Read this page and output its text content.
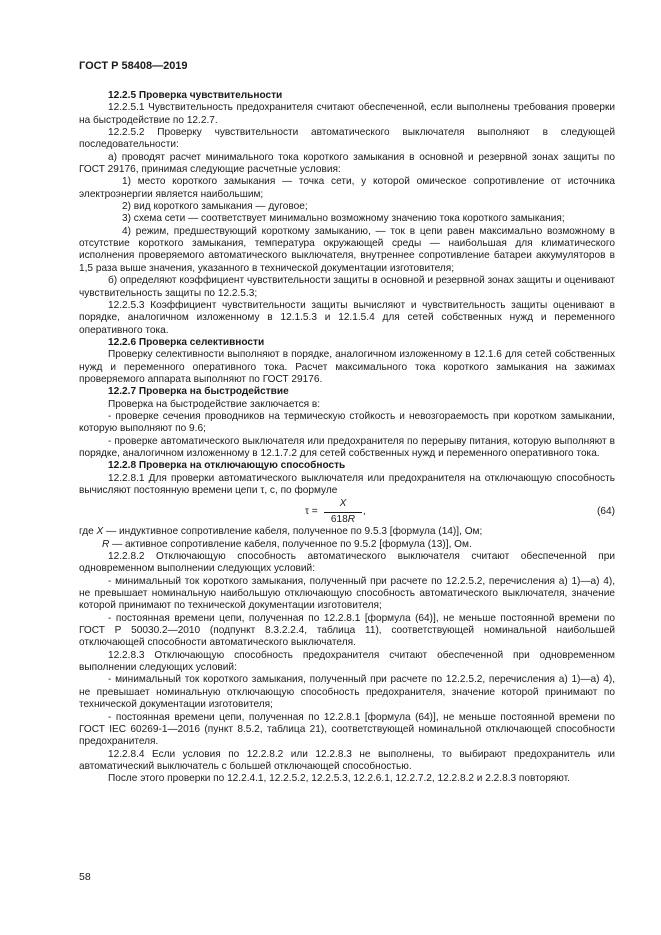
ГОСТ Р 58408—2019

12.2.5 Проверка чувствительности

12.2.5.1 Чувствительность предохранителя считают обеспеченной, если выполнены требования проверки на быстродействие по 12.2.7.

12.2.5.2 Проверку чувствительности автоматического выключателя выполняют в следующей последовательности:

а) проводят расчет минимального тока короткого замыкания в основной и резервной зонах защиты по ГОСТ 29176, принимая следующие расчетные условия:

1) место короткого замыкания — точка сети, у которой омическое сопротивление от источника электроэнергии является наибольшим;

2) вид короткого замыкания — дуговое;

3) схема сети — соответствует минимально возможному значению тока короткого замыкания;

4) режим, предшествующий короткому замыканию, — ток в цепи равен максимально возможному в отсутствие короткого замыкания, температура окружающей среды — наибольшая для климатического исполнения проверяемого автоматического выключателя, внутреннее сопротивление батареи аккумуляторов в 1,5 раза выше значения, указанного в технической документации изготовителя;

б) определяют коэффициент чувствительности защиты в основной и резервной зонах защиты и оценивают чувствительность защиты по 12.2.5.3;

12.2.5.3 Коэффициент чувствительности защиты вычисляют и чувствительность защиты оценивают в порядке, аналогичном изложенному в 12.1.5.3 и 12.1.5.4 для сетей собственных нужд и переменного оперативного тока.

12.2.6 Проверка селективности

Проверку селективности выполняют в порядке, аналогичном изложенному в 12.1.6 для сетей собственных нужд и переменного оперативного тока. Расчет максимального тока короткого замыкания на зажимах проверяемого аппарата выполняют по ГОСТ 29176.

12.2.7 Проверка на быстродействие

Проверка на быстродействие заключается в:

- проверке сечения проводников на термическую стойкость и невозгораемость при коротком замыкании, которую выполняют по 9.6;

- проверке автоматического выключателя или предохранителя по перерыву питания, которую выполняют в порядке, аналогичном изложенному в 12.1.7.2 для сетей собственных нужд и переменного оперативного тока.

12.2.8 Проверка на отключающую способность

12.2.8.1 Для проверки автоматического выключателя или предохранителя на отключающую способность вычисляют постоянную времени цепи τ, с, по формуле

$\tau = \frac{X}{618R}$ ,	(64)

где X — индуктивное сопротивление кабеля, полученное по 9.5.3 [формула (14)], Ом;

R — активное сопротивление кабеля, полученное по 9.5.2 [формула (13)], Ом.

12.2.8.2 Отключающую способность автоматического выключателя считают обеспеченной при одновременном выполнении следующих условий:

- минимальный ток короткого замыкания, полученный при расчете по 12.2.5.2, перечисления а) 1)—а) 4), не превышает номинальную наибольшую отключающую способность автоматического выключателя, значение которой принимают по технической документации изготовителя;

- постоянная времени цепи, полученная по 12.2.8.1 [формула (64)], не меньше постоянной времени по ГОСТ Р 50030.2—2010 (подпункт 8.3.2.2.4, таблица 11), соответствующей номинальной наибольшей отключающей способности автоматического выключателя.

12.2.8.3 Отключающую способность предохранителя считают обеспеченной при одновременном выполнении следующих условий:

- минимальный ток короткого замыкания, полученный при расчете по 12.2.5.2, перечисления а) 1)—а) 4), не превышает номинальную отключающую способность предохранителя, значение которой принимают по технической документации изготовителя;

- постоянная времени цепи, полученная по 12.2.8.1 [формула (64)], не меньше постоянной времени по ГОСТ IEC 60269-1—2016 (пункт 8.5.2, таблица 21), соответствующей номинальной отключающей способности предохранителя.

12.2.8.4 Если условия по 12.2.8.2 или 12.2.8.3 не выполнены, то выбирают предохранитель или автоматический выключатель с большей отключающей способностью.

После этого проверки по 12.2.4.1, 12.2.5.2, 12.2.5.3, 12.2.6.1, 12.2.7.2, 12.2.8.2 и 2.2.8.3 повторяют.

58
